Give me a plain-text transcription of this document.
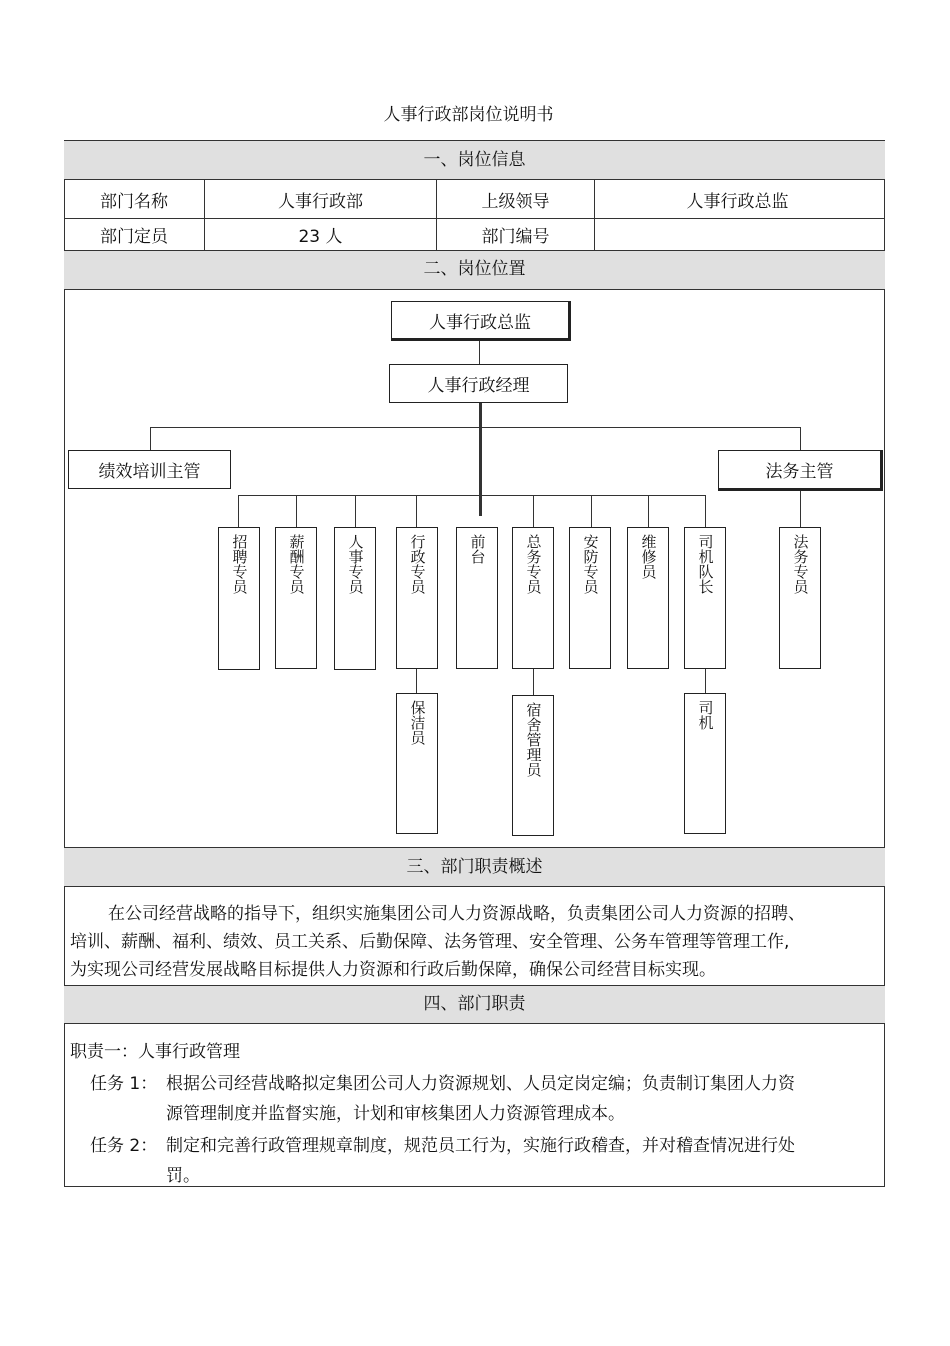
人事行政部岗位说明书
一、岗位信息
部门名称	人事行政部	上级领导	人事行政总监
部门定员	23 人	部门编号
二、岗位位置
人事行政总监
人事行政经理
绩效培训主管	法务主管
招聘专员	薪酬专员	人事专员	行政专员	前台	总务专员	安防专员	维修员	司机队长	法务专员
保洁员	宿舍管理员	司机
三、部门职责概述
在公司经营战略的指导下，组织实施集团公司人力资源战略，负责集团公司人力资源的招聘、
培训、薪酬、福利、绩效、员工关系、后勤保障、法务管理、安全管理、公务车管理等管理工作,
为实现公司经营发展战略目标提供人力资源和行政后勤保障，确保公司经营目标实现。
四、部门职责
职责一：人事行政管理
任务 1： 根据公司经营战略拟定集团公司人力资源规划、人员定岗定编；负责制订集团人力资
源管理制度并监督实施，计划和审核集团人力资源管理成本。
任务 2： 制定和完善行政管理规章制度，规范员工行为，实施行政稽查，并对稽查情况进行处
罚。
